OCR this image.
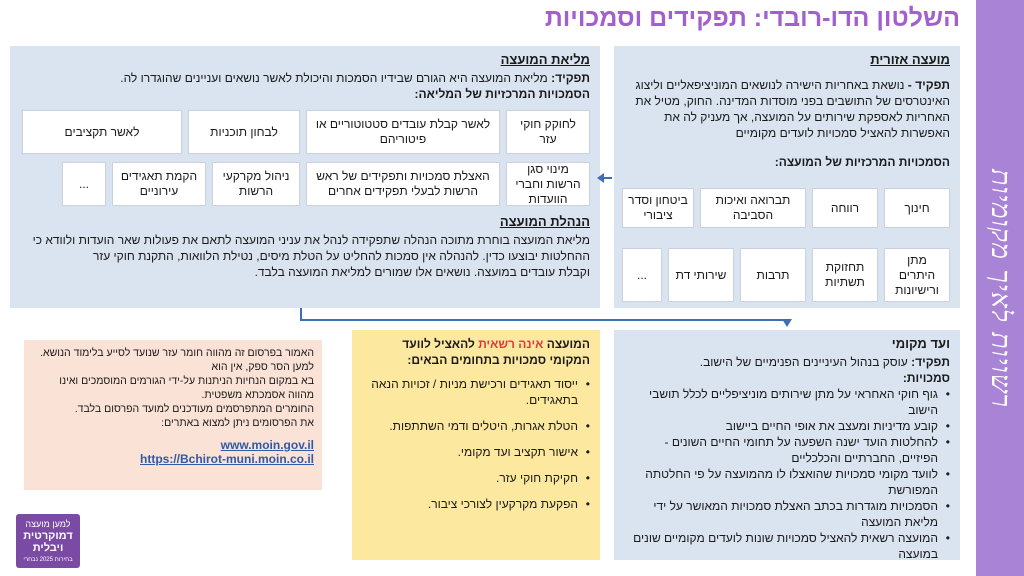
השלטון הדו-רובדי: תפקידים וסמכויות
רשויות לאיך מקומיות
מועצה אזורית
תפקיד - נושאת באחריות הישירה לנושאים המוניציפאליים וליצוג האינטרסים של התושבים בפני מוסדות המדינה. החוק, מטיל את האחריות לאספקת שירותים על המועצה, אך מעניק לה את האפשרות להאציל סמכויות לועדים מקומיים
הסמכויות המרכזיות של המועצה:
חינוך
רווחה
תברואה ואיכות הסביבה
ביטחון וסדר ציבורי
מתן היתרים ורישיונות
תחזוקת תשתיות
תרבות
שירותי דת
...
מליאת המועצה
תפקיד: מליאת המועצה היא הגורם שבידיו הסמכות והיכולת לאשר נושאים ועניינים שהוגדרו לה.
הסמכויות המרכזיות של המליאה:
לחוקק חוקי עזר
לאשר קבלת עובדים סטטוטוריים או פיטוריהם
לבחון תוכניות
לאשר תקציבים
מינוי סגן הרשות וחברי הוועדות
האצלת סמכויות ותפקידים של ראש הרשות לבעלי תפקידים אחרים
ניהול מקרקעי הרשות
הקמת תאגידים עירוניים
...
הנהלת המועצה
מליאת המועצה בוחרת מתוכה הנהלה שתפקידה לנהל את עניני המועצה לתאם את פעולות שאר הועדות ולוודא כי ההחלטות יבוצעו כדין. להנהלה אין סמכות להחליט על הטלת מיסים, נטילת הלוואות, התקנת חוקי עזר
וקבלת עובדים במועצה. נושאים אלו שמורים למליאת המועצה בלבד.
ועד מקומי
תפקיד: עוסק בנהול העיניינים הפנימיים של הישוב.
סמכויות:
• גוף חוקי האחראי על מתן שירותים מוניציפליים לכלל תושבי הישוב
• קובע מדיניות ומעצב את אופי החיים ביישוב
• להחלטות הועד ישנה השפעה על תחומי החיים השונים - הפיזיים, החברתיים והכלכליים
• לוועד מקומי סמכויות שהואצלו לו מהמועצה על פי החלטתה המפורשת
• הסמכויות מוגדרות בכתב האצלת סמכויות המאושר על ידי מליאת המועצה
• המועצה רשאית להאציל סמכויות שונות לועדים מקומיים שונים במועצה
המועצה אינה רשאית להאציל לוועד
המקומי סמכויות בתחומים הבאים:
• ייסוד תאגידים ורכישת מניות / זכויות הנאה בתאגידים.
• הטלת אגרות, היטלים ודמי השתתפות.
• אישור תקציב ועד מקומי.
• חקיקת חוקי עזר.
• הפקעת מקרקעין לצורכי ציבור.
האמור בפרסום זה מהווה חומר עזר שנועד לסייע בלימוד הנושא.
למען הסר ספק, אין הוא
בא במקום הנחיות הניתנות על-ידי הגורמים המוסמכים ואינו מהווה אסמכתא משפטית.
החומרים המתפרסמים מעודכנים למועד הפרסום בלבד.
את הפרסומים ניתן למצוא באתרים:
www.moin.gov.il
https://Bchirot-muni.moin.co.il
למען מועצה
דמוקרטית
ויבלית
בחירות 2025 נבחרי יהודה
